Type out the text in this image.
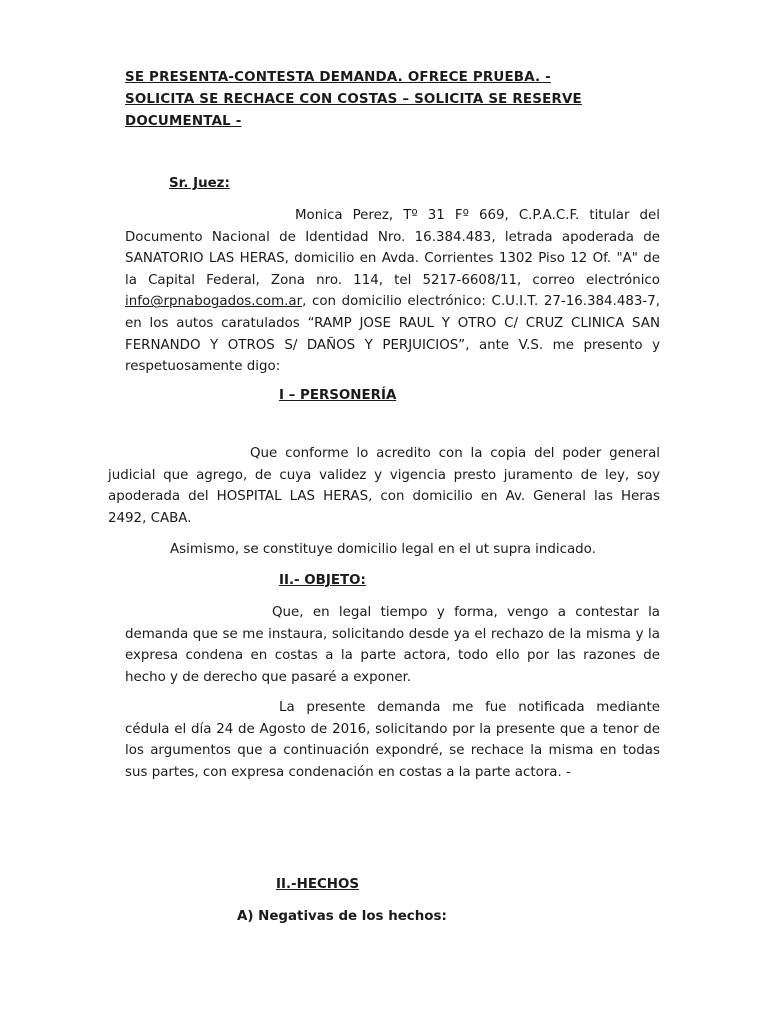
SE PRESENTA-CONTESTA DEMANDA. OFRECE PRUEBA. -
SOLICITA SE RECHACE CON COSTAS – SOLICITA SE RESERVE
DOCUMENTAL -
Sr. Juez:

Monica Perez, Tº 31 Fº 669, C.P.A.C.F. titular del Documento Nacional de Identidad Nro. 16.384.483, letrada apoderada de SANATORIO LAS HERAS, domicilio en Avda. Corrientes 1302 Piso 12 Of. "A" de la Capital Federal, Zona nro. 114, tel 5217-6608/11, correo electrónico info@rpnabogados.com.ar, con domicilio electrónico: C.U.I.T. 27-16.384.483-7, en los autos caratulados “RAMP JOSE RAUL Y OTRO C/ CRUZ CLINICA SAN FERNANDO Y OTROS S/ DAÑOS Y PERJUICIOS”, ante V.S. me presento y respetuosamente digo:

I – PERSONERÍA

Que conforme lo acredito con la copia del poder general judicial que agrego, de cuya validez y vigencia presto juramento de ley, soy apoderada del HOSPITAL LAS HERAS, con domicilio en Av. General las Heras 2492, CABA.

Asimismo, se constituye domicilio legal en el ut supra indicado.

II.- OBJETO:

Que, en legal tiempo y forma, vengo a contestar la demanda que se me instaura, solicitando desde ya el rechazo de la misma y la expresa condena en costas a la parte actora, todo ello por las razones de hecho y de derecho que pasaré a exponer.

La presente demanda me fue notificada mediante cédula el día 24 de Agosto de 2016, solicitando por la presente que a tenor de los argumentos que a continuación expondré, se rechace la misma en todas sus partes, con expresa condenación en costas a la parte actora. -

II.-HECHOS
A) Negativas de los hechos:
